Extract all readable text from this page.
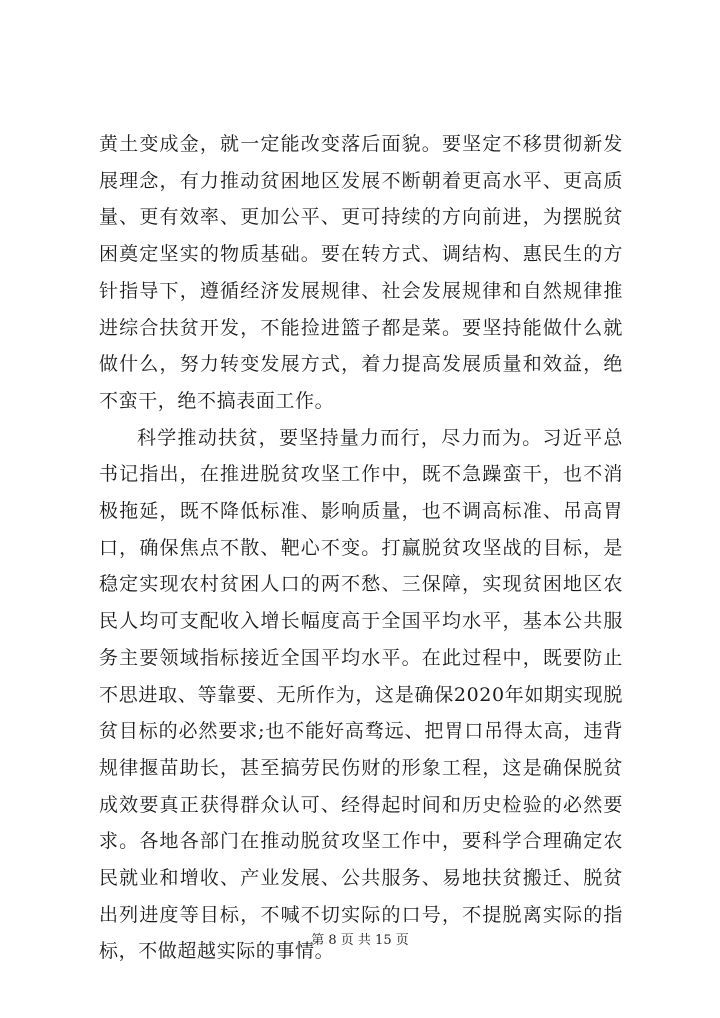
黄土变成金，就一定能改变落后面貌。要坚定不移贯彻新发展理念，有力推动贫困地区发展不断朝着更高水平、更高质量、更有效率、更加公平、更可持续的方向前进，为摆脱贫困奠定坚实的物质基础。要在转方式、调结构、惠民生的方针指导下，遵循经济发展规律、社会发展规律和自然规律推进综合扶贫开发，不能捡进篮子都是菜。要坚持能做什么就做什么，努力转变发展方式，着力提高发展质量和效益，绝不蛮干，绝不搞表面工作。

科学推动扶贫，要坚持量力而行，尽力而为。习近平总书记指出，在推进脱贫攻坚工作中，既不急躁蛮干，也不消极拖延，既不降低标准、影响质量，也不调高标准、吊高胃口，确保焦点不散、靶心不变。打赢脱贫攻坚战的目标，是稳定实现农村贫困人口的两不愁、三保障，实现贫困地区农民人均可支配收入增长幅度高于全国平均水平，基本公共服务主要领域指标接近全国平均水平。在此过程中，既要防止不思进取、等靠要、无所作为，这是确保2020年如期实现脱贫目标的必然要求;也不能好高骛远、把胃口吊得太高，违背规律揠苗助长，甚至搞劳民伤财的形象工程，这是确保脱贫成效要真正获得群众认可、经得起时间和历史检验的必然要求。各地各部门在推动脱贫攻坚工作中，要科学合理确定农民就业和增收、产业发展、公共服务、易地扶贫搬迁、脱贫出列进度等目标，不喊不切实际的口号，不提脱离实际的指标，不做超越实际的事情。

第 8 页 共 15 页
